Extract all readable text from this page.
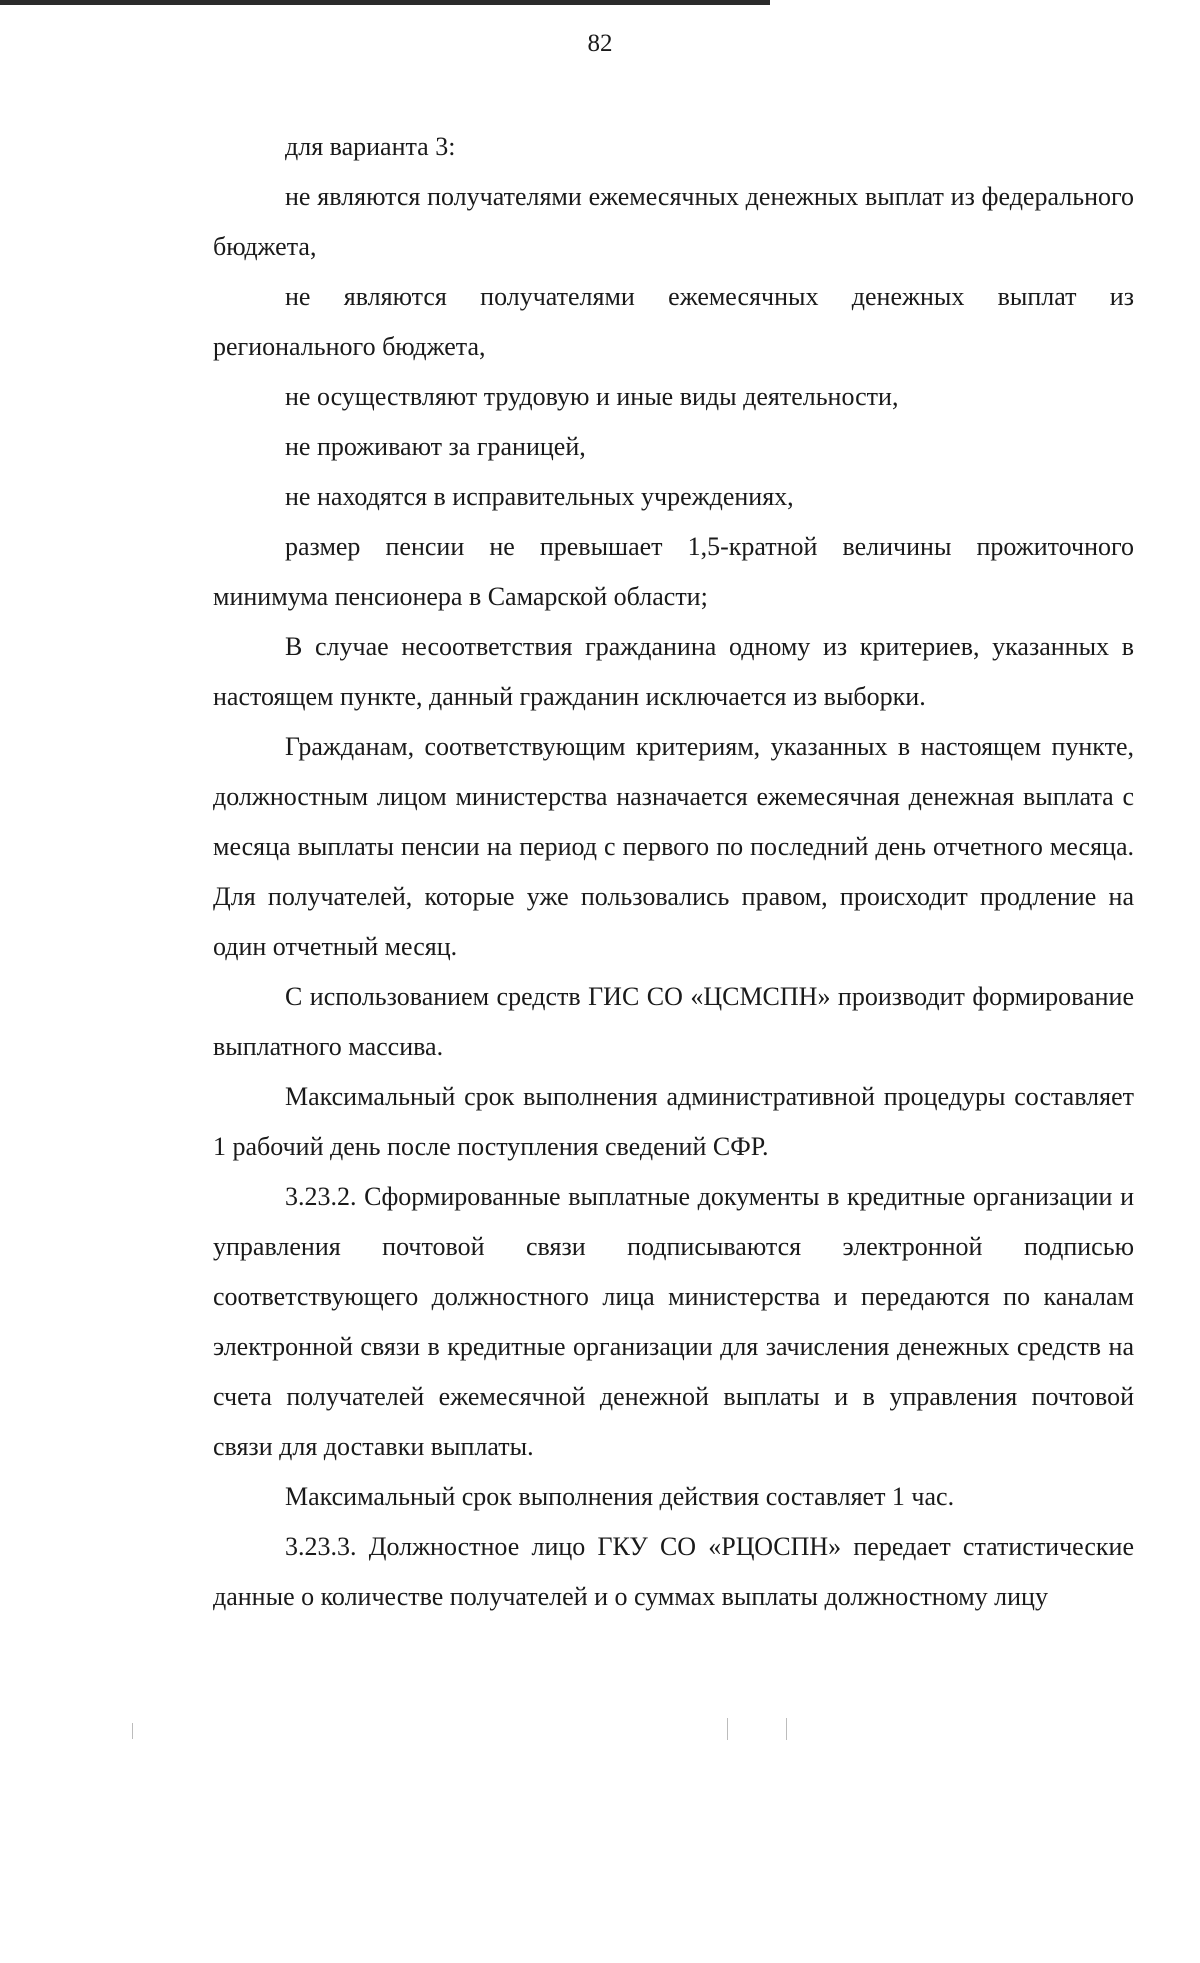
82

для варианта 3:

не являются получателями ежемесячных денежных выплат из федерального бюджета,

не являются получателями ежемесячных денежных выплат из регионального бюджета,

не осуществляют трудовую и иные виды деятельности,

не проживают за границей,

не находятся в исправительных учреждениях,

размер пенсии не превышает 1,5-кратной величины прожиточного минимума пенсионера в Самарской области;

В случае несоответствия гражданина одному из критериев, указанных в настоящем пункте, данный гражданин исключается из выборки.

Гражданам, соответствующим критериям, указанных в настоящем пункте, должностным лицом министерства назначается ежемесячная денежная выплата с месяца выплаты пенсии на период с первого по последний день отчетного месяца. Для получателей, которые уже пользовались правом, происходит продление на один отчетный месяц.

С использованием средств ГИС СО «ЦСМСПН» производит формирование выплатного массива.

Максимальный срок выполнения административной процедуры составляет 1 рабочий день после поступления сведений СФР.

3.23.2. Сформированные выплатные документы в кредитные организации и управления почтовой связи подписываются электронной подписью соответствующего должностного лица министерства и передаются по каналам электронной связи в кредитные организации для зачисления денежных средств на счета получателей ежемесячной денежной выплаты и в управления почтовой связи для доставки выплаты.

Максимальный срок выполнения действия составляет 1 час.

3.23.3. Должностное лицо ГКУ СО «РЦОСПН» передает статистические данные о количестве получателей и о суммах выплаты должностному лицу
